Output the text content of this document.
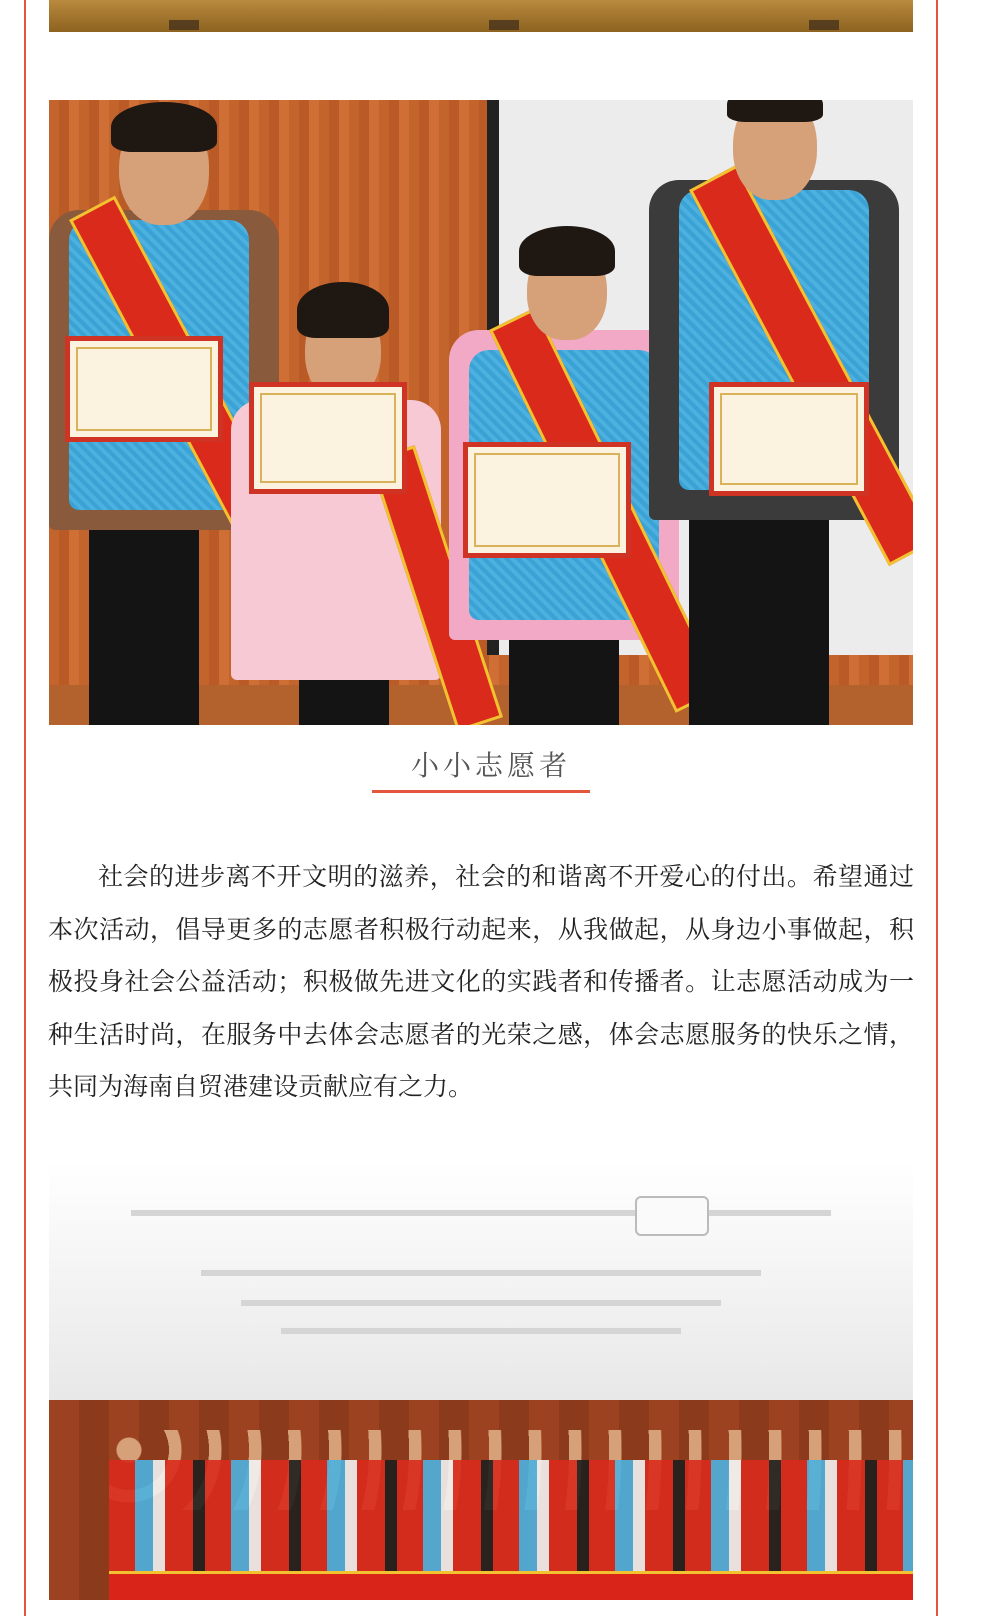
小小志愿者

社会的进步离不开文明的滋养，社会的和谐离不开爱心的付出。希望通过本次活动，倡导更多的志愿者积极行动起来，从我做起，从身边小事做起，积极投身社会公益活动；积极做先进文化的实践者和传播者。让志愿活动成为一种生活时尚，在服务中去体会志愿者的光荣之感，体会志愿服务的快乐之情，共同为海南自贸港建设贡献应有之力。
